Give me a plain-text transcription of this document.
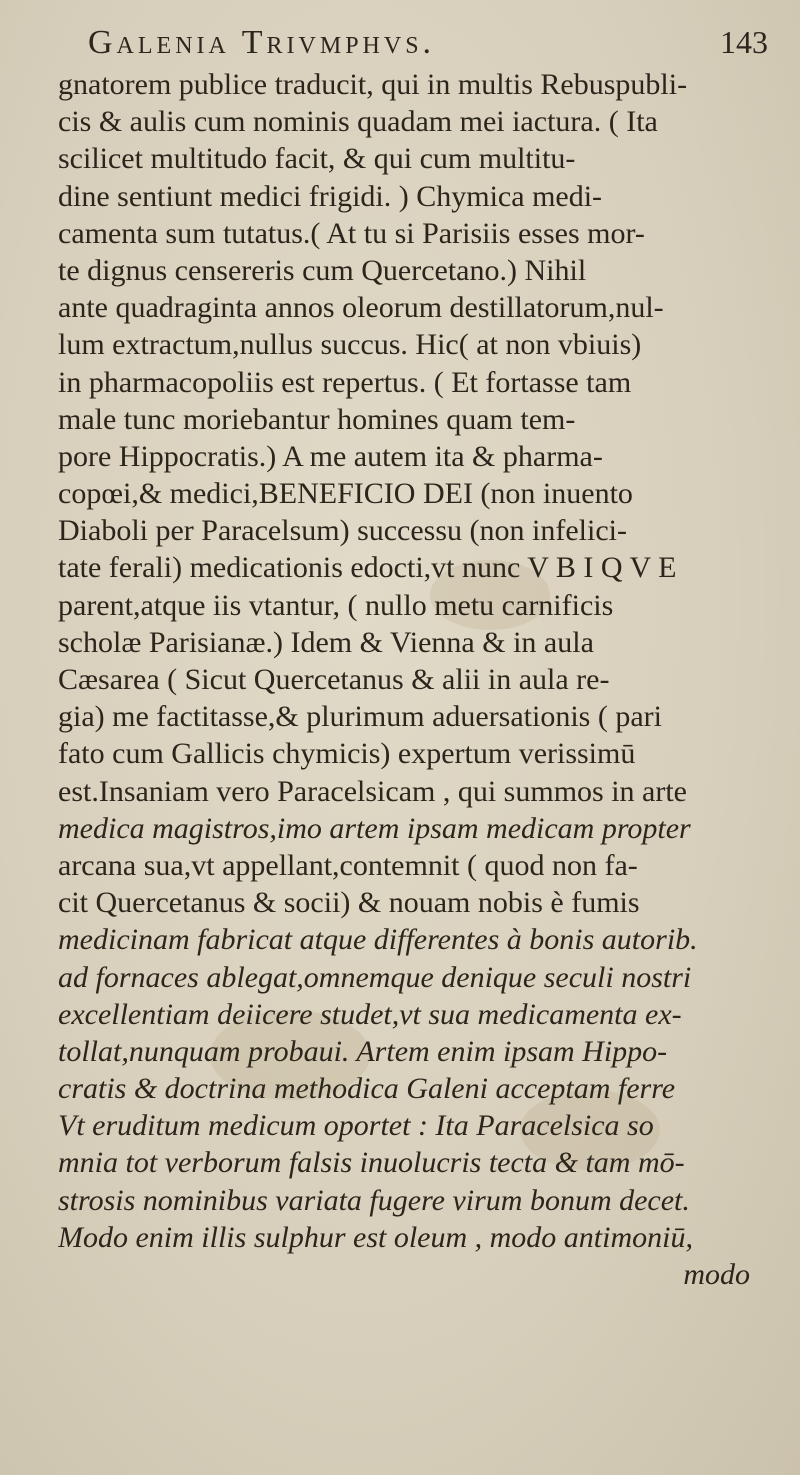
Galenia Trivmphvs.	143
gnatorem publice traducit, qui in multis Rebuspubli-
cis & aulis cum nominis quadam mei iactura. ( Ita
scilicet multitudo facit, & qui cum multitu-
dine sentiunt medici frigidi. ) Chymica medi-
camenta sum tutatus.( At tu si Parisiis esses mor-
te dignus censereris cum Quercetano.) Nihil
ante quadraginta annos oleorum destillatorum,nul-
lum extractum,nullus succus. Hic( at non vbiuis)
in pharmacopoliis est repertus. ( Et fortasse tam
male tunc moriebantur homines quam tem-
pore Hippocratis.) A me autem ita & pharma-
copœi,& medici,BENEFICIO DEI (non inuento
Diaboli per Paracelsum) successu (non infelici-
tate ferali) medicationis edocti,vt nunc V B I Q V E
parent,atque iis vtantur, ( nullo metu carnificis
scholæ Parisianæ.) Idem & Vienna & in aula
Cæsarea ( Sicut Quercetanus & alii in aula re-
gia) me factitasse,& plurimum aduersationis ( pari
fato cum Gallicis chymicis) expertum verissimū
est.Insaniam vero Paracelsicam , qui summos in arte
medica magistros,imo artem ipsam medicam propter
arcana sua,vt appellant,contemnit ( quod non fa-
cit Quercetanus & socii) & nouam nobis è fumis
medicinam fabricat atque differentes à bonis autorib.
ad fornaces ablegat,omnemque denique seculi nostri
excellentiam deiicere studet,vt sua medicamenta ex-
tollat,nunquam probaui. Artem enim ipsam Hippo-
cratis & doctrina methodica Galeni acceptam ferre
Vt eruditum medicum oportet : Ita Paracelsica so
mnia tot verborum falsis inuolucris tecta & tam mō-
strosis nominibus variata fugere virum bonum decet.
Modo enim illis sulphur est oleum , modo antimoniū,
modo
